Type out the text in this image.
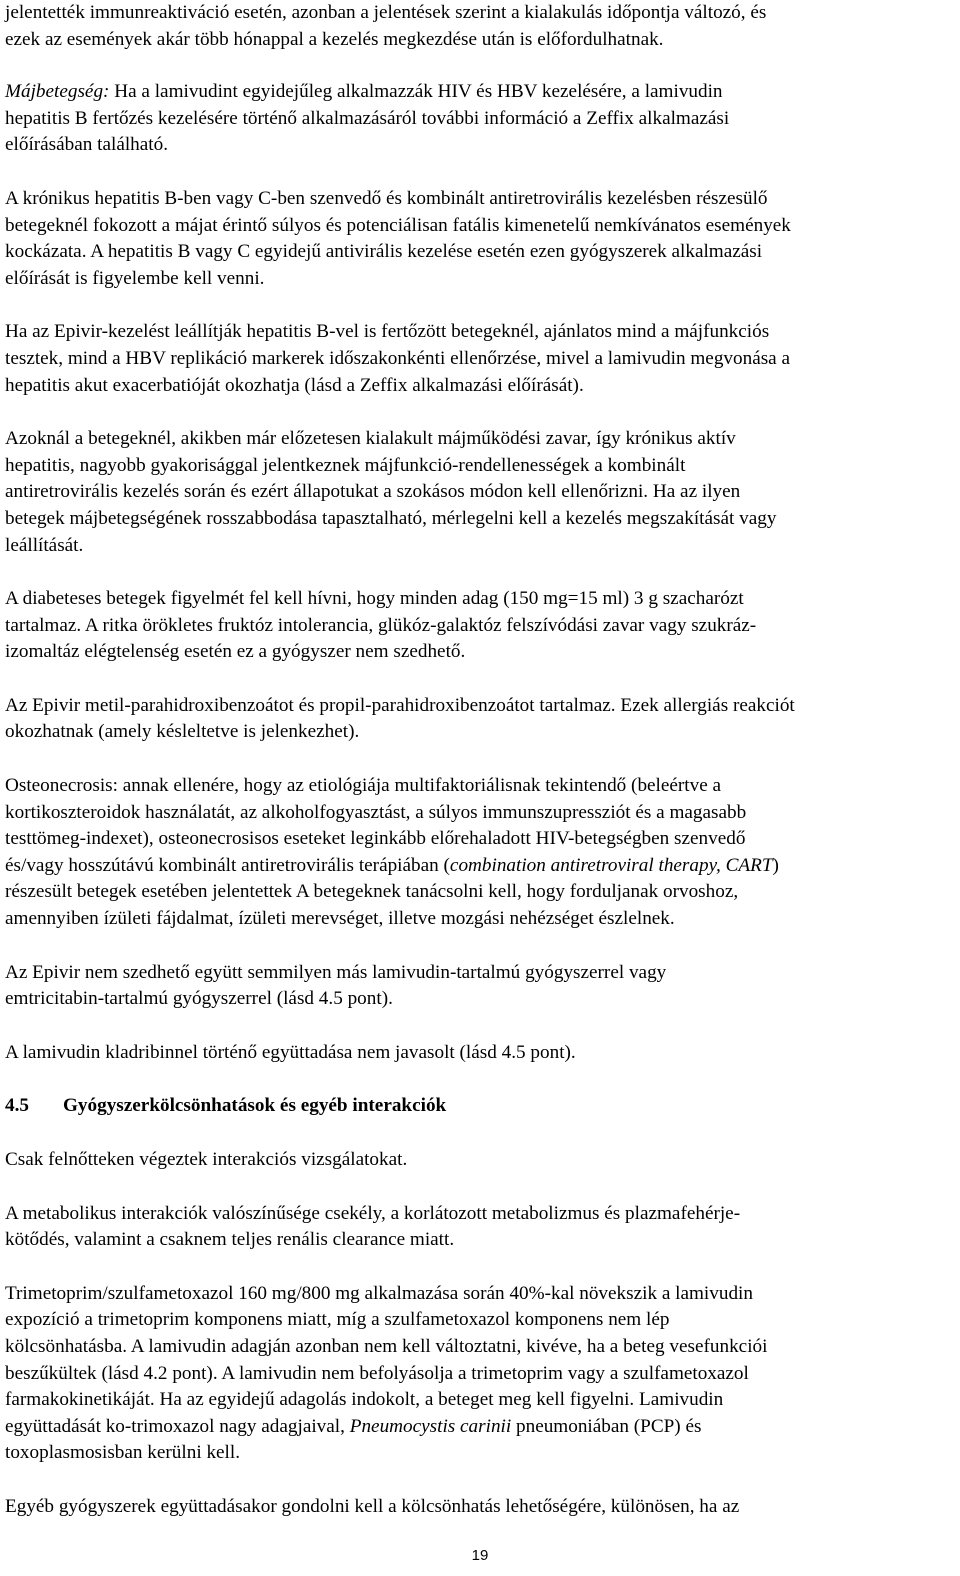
jelentették immunreaktiváció esetén, azonban a jelentések szerint a kialakulás időpontja változó, és
ezek az események akár több hónappal a kezelés megkezdése után is előfordulhatnak.

Májbetegség: Ha a lamivudint egyidejűleg alkalmazzák HIV és HBV kezelésére, a lamivudin
hepatitis B fertőzés kezelésére történő alkalmazásáról további információ a Zeffix alkalmazási
előírásában található.

A krónikus hepatitis B-ben vagy C-ben szenvedő és kombinált antiretrovirális kezelésben részesülő
betegeknél fokozott a májat érintő súlyos és potenciálisan fatális kimenetelű nemkívánatos események
kockázata. A hepatitis B vagy C egyidejű antivirális kezelése esetén ezen gyógyszerek alkalmazási
előírását is figyelembe kell venni.

Ha az Epivir-kezelést leállítják hepatitis B-vel is fertőzött betegeknél, ajánlatos mind a májfunkciós
tesztek, mind a HBV replikáció markerek időszakonkénti ellenőrzése, mivel a lamivudin megvonása a
hepatitis akut exacerbatióját okozhatja (lásd a Zeffix alkalmazási előírását).

Azoknál a betegeknél, akikben már előzetesen kialakult májműködési zavar, így krónikus aktív
hepatitis, nagyobb gyakorisággal jelentkeznek májfunkció-rendellenességek a kombinált
antiretrovirális kezelés során és ezért állapotukat a szokásos módon kell ellenőrizni. Ha az ilyen
betegek májbetegségének rosszabbodása tapasztalható, mérlegelni kell a kezelés megszakítását vagy
leállítását.

A diabeteses betegek figyelmét fel kell hívni, hogy minden adag (150 mg=15 ml) 3 g szacharózt
tartalmaz. A ritka örökletes fruktóz intolerancia, glükóz-galaktóz felszívódási zavar vagy szukráz-
izomaltáz elégtelenség esetén ez a gyógyszer nem szedhető.

Az Epivir metil-parahidroxibenzoátot és propil-parahidroxibenzoátot tartalmaz. Ezek allergiás reakciót
okozhatnak (amely késleltetve is jelenkezhet).

Osteonecrosis: annak ellenére, hogy az etiológiája multifaktoriálisnak tekintendő (beleértve a
kortikoszteroidok használatát, az alkoholfogyasztást, a súlyos immunszupressziót és a magasabb
testtömeg-indexet), osteonecrosisos eseteket leginkább előrehaladott HIV-betegségben szenvedő
és/vagy hosszútávú kombinált antiretrovirális terápiában (combination antiretroviral therapy, CART)
részesült betegek esetében jelentettek A betegeknek tanácsolni kell, hogy forduljanak orvoshoz,
amennyiben ízületi fájdalmat, ízületi merevséget, illetve mozgási nehézséget észlelnek.

Az Epivir nem szedhető együtt semmilyen más lamivudin-tartalmú gyógyszerrel vagy
emtricitabin-tartalmú gyógyszerrel (lásd 4.5 pont).

A lamivudin kladribinnel történő együttadása nem javasolt (lásd 4.5 pont).

4.5 Gyógyszerkölcsönhatások és egyéb interakciók

Csak felnőtteken végeztek interakciós vizsgálatokat.

A metabolikus interakciók valószínűsége csekély, a korlátozott metabolizmus és plazmafehérje-
kötődés, valamint a csaknem teljes renális clearance miatt.

Trimetoprim/szulfametoxazol 160 mg/800 mg alkalmazása során 40%-kal növekszik a lamivudin
expozíció a trimetoprim komponens miatt, míg a szulfametoxazol komponens nem lép
kölcsönhatásba. A lamivudin adagján azonban nem kell változtatni, kivéve, ha a beteg vesefunkciói
beszűkültek (lásd 4.2 pont). A lamivudin nem befolyásolja a trimetoprim vagy a szulfametoxazol
farmakokinetikáját. Ha az egyidejű adagolás indokolt, a beteget meg kell figyelni. Lamivudin
együttadását ko-trimoxazol nagy adagjaival, Pneumocystis carinii pneumoniában (PCP) és
toxoplasmosisban kerülni kell.

Egyéb gyógyszerek együttadásakor gondolni kell a kölcsönhatás lehetőségére, különösen, ha az

19
